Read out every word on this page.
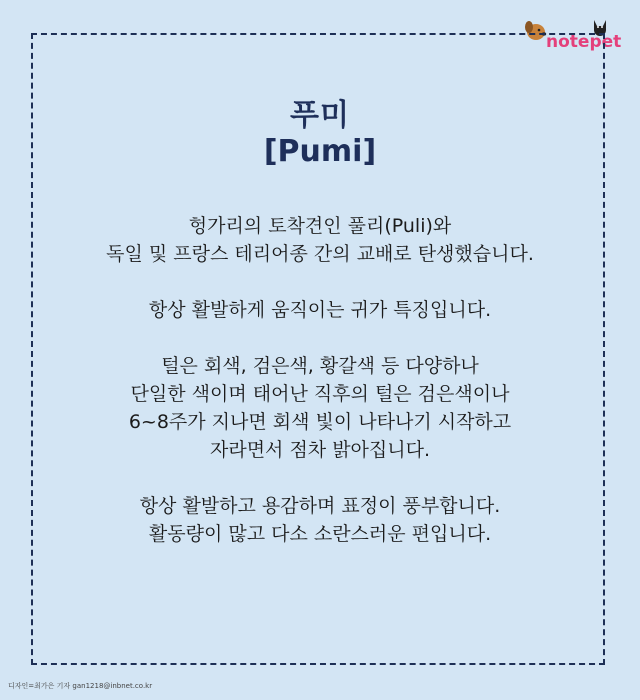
notepet
푸미
[Pumi]

헝가리의 토착견인 풀리(Puli)와

독일 및 프랑스 테리어종 간의 교배로 탄생했습니다.

항상 활발하게 움직이는 귀가 특징입니다.

털은 회색, 검은색, 황갈색 등 다양하나

단일한 색이며 태어난 직후의 털은 검은색이나

6~8주가 지나면 회색 빛이 나타나기 시작하고

자라면서 점차 밝아집니다.

항상 활발하고 용감하며 표정이 풍부합니다.

활동량이 많고 다소 소란스러운 편입니다.

디자인=최가은 기자 gan1218@inbnet.co.kr
